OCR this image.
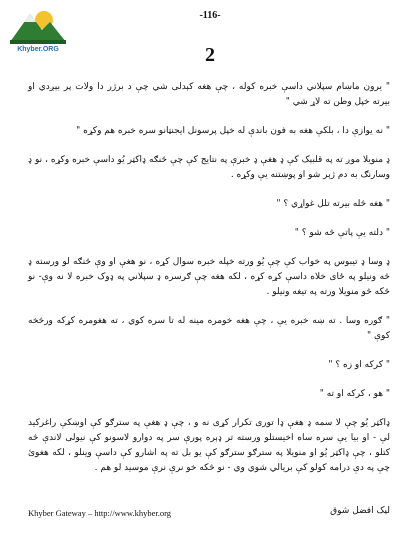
Khyber.ORG
-116-
2

" يرون ماښام سپلاني داسې خبره کوله ، چې هغه کېدلی شي چې د برژر دا ولات پر بېږدي او بيرته خپل وطن ته لاړ شي "

" نه يوازې دا ، بلکې هغه به فون باندې له خپل پرسونل ايجنټانو سره خبره هم وکړه "

ډ منويلا موږ ته په قلبېک کې ډ هغې ډ خبرې په نتايج کې چې څنګه ډاکټر يُو داسې خبره وکړه ، نو ډ وسارنګ به دم ژېر شو او پوښتنه يې وکړه .

" هغه څله بيرته تلل غواړي ؟ "

" دلته يې پاتې څه شو ؟ "

ډ وسا ډ تيبوس په خواب کې چې يُو ورته خپله خبره سوال کړه ، نو هغې او وې څنګه لو ورسته ډ څه ونيلو په ځای خلاه داسې کړه کړه ، لکه هغه چې ګرسره ډ سپلاني په ډوک خبره لا نه وې- نو څکه څو منويلا ورته په تيغه ونيلو .

" ګوره وسا . ته ښه خبره يې ، چې هغه خومره مينه له تا سره کوي ، ته هغومره کړکه ورڅخه کوې "

" کرکه او زه ؟ "

" هو ، کرکه او ته "

ډاکټر يُو چې لا سمه ډ هغې ډا توری تکرار کړی نه و ، چې ډ هغې په سترګو کې اوښکې راغرکيد لې - او بيا يې سره ساه اخيستلو ورسته تر ډېره پورې سر په دوارو لاسونو کې نيولی لاندې څه کتلو ، چې ډاکټر يُو او منويلا په سترګو سترګو کې يو بل ته په اشارو کې داسې وينلو ، لکه هغوئ چې په دې درامه کولو کې بريالي شوي وي - نو څکه خو نرې نرې موسيد لو هم .

Khyber Gateway – http://www.khyber.org	ليک افضل شوق
